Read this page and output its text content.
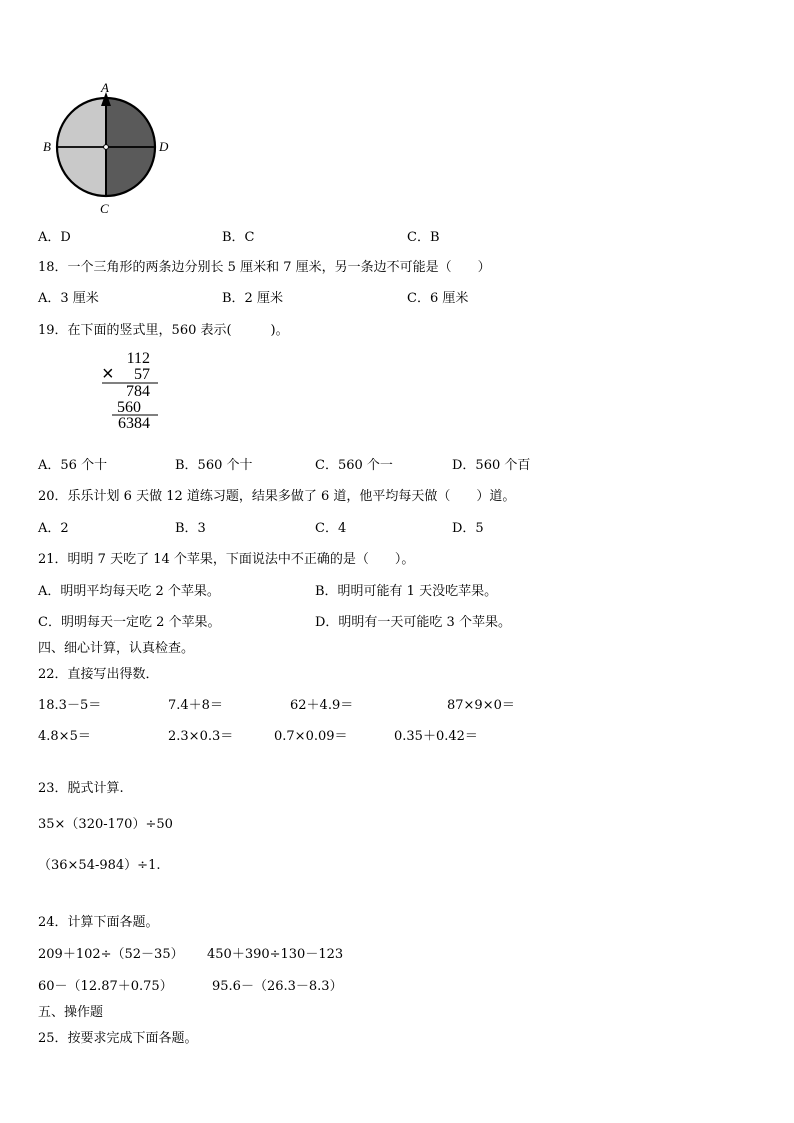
A
B
C
D
A．D	B．C	C．B
18．一个三角形的两条边分别长 5 厘米和 7 厘米，另一条边不可能是（　　）
A．3 厘米	B．2 厘米	C．6 厘米
19．在下面的竖式里，560 表示(　　　)。
112
× 57
784
560
6384
A．56 个十	B．560 个十	C．560 个一	D．560 个百
20．乐乐计划 6 天做 12 道练习题，结果多做了 6 道，他平均每天做（　　）道。
A．2	B．3	C．4	D．5
21．明明 7 天吃了 14 个苹果，下面说法中不正确的是（　　）。
A．明明平均每天吃 2 个苹果。	B．明明可能有 1 天没吃苹果。
C．明明每天一定吃 2 个苹果。	D．明明有一天可能吃 3 个苹果。
四、细心计算，认真检查。
22．直接写出得数．
18.3－5＝	7.4＋8＝	62＋4.9＝	87×9×0＝
4.8×5＝	2.3×0.3＝	0.7×0.09＝	0.35＋0.42＝
23．脱式计算.
35×（320-170）÷50
（36×54-984）÷1.
24．计算下面各题。
209＋102÷（52－35） 450＋390÷130－123
60－（12.87＋0.75）	95.6－（26.3－8.3）
五、操作题
25．按要求完成下面各题。
